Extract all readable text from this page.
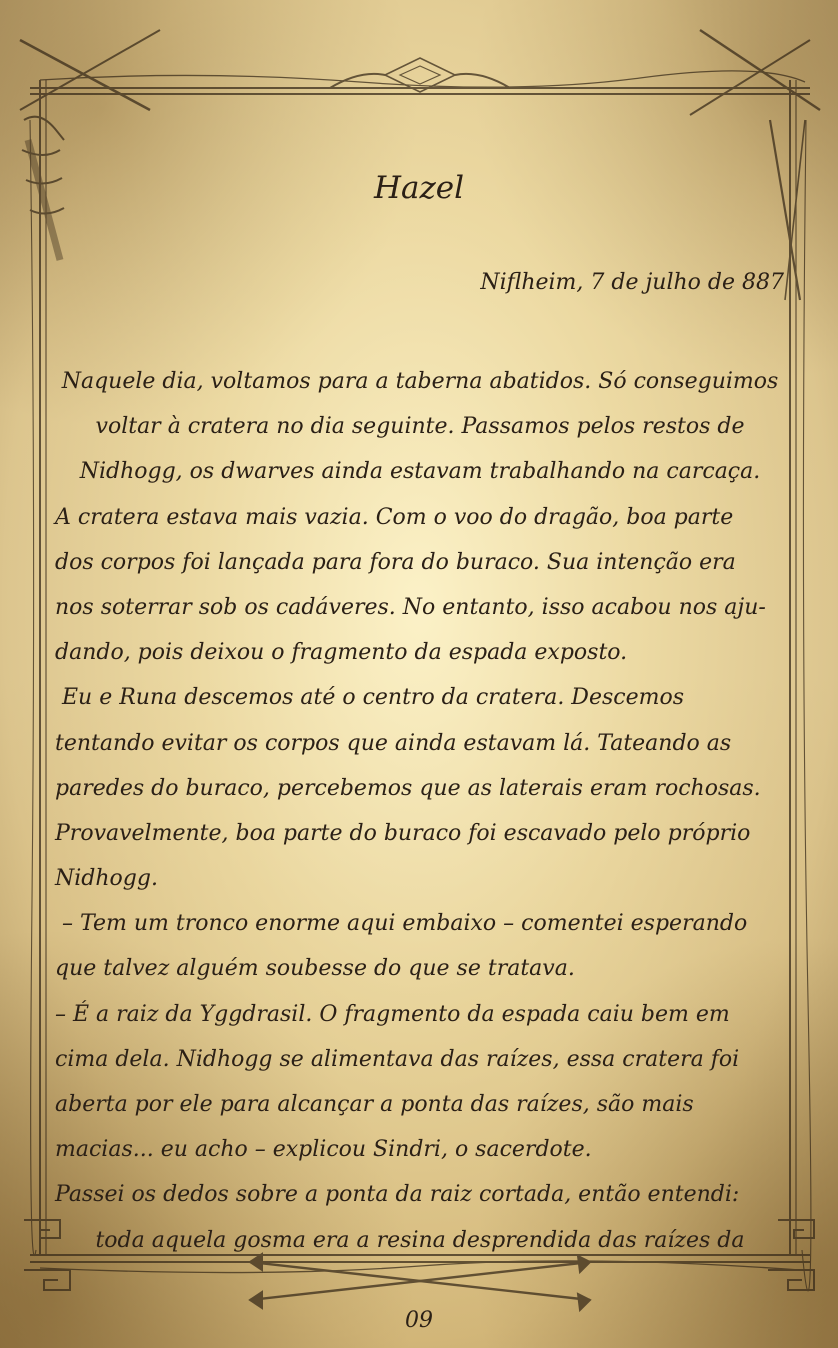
Hazel
Niflheim, 7 de julho de 887
Naquele dia, voltamos para a taberna abatidos. Só conseguimos
voltar à cratera no dia seguinte. Passamos pelos restos de
Nidhogg, os dwarves ainda estavam trabalhando na carcaça.
A cratera estava mais vazia. Com o voo do dragão, boa parte
dos corpos foi lançada para fora do buraco. Sua intenção era
nos soterrar sob os cadáveres. No entanto, isso acabou nos aju-
dando, pois deixou o fragmento da espada exposto.
Eu e Runa descemos até o centro da cratera. Descemos
tentando evitar os corpos que ainda estavam lá. Tateando as
paredes do buraco, percebemos que as laterais eram rochosas.
Provavelmente, boa parte do buraco foi escavado pelo próprio
Nidhogg.
– Tem um tronco enorme aqui embaixo – comentei esperando
que talvez alguém soubesse do que se tratava.
– É a raiz da Yggdrasil. O fragmento da espada caiu bem em
cima dela. Nidhogg se alimentava das raízes, essa cratera foi
aberta por ele para alcançar a ponta das raízes, são mais
macias... eu acho – explicou Sindri, o sacerdote.
Passei os dedos sobre a ponta da raiz cortada, então entendi:
toda aquela gosma era a resina desprendida das raízes da
09
